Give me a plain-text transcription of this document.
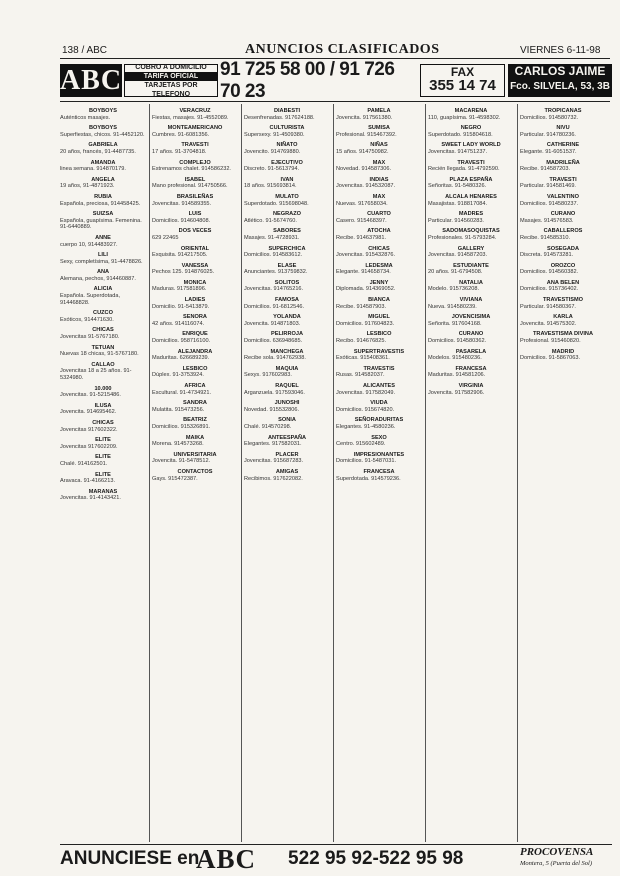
138 / ABC	ANUNCIOS CLASIFICADOS	VIERNES 6-11-98
ABC	COBRO A DOMICILIO
TARIFA OFICIAL
TARJETAS POR TELEFONO
91 725 58 00 / 91 726 70 23
FAX
355 14 74
CARLOS JAIME
Fco. SILVELA, 53, 3B
BOYBOYS
Auténticos masajes.
BOYBOYS
Superfiestas, chicos. 91-4452120.
GABRIELA
20 años, francés, 91-4487735.
AMANDA
linea semana. 914870179.
ANGELA
19 años, 91-4871923.
RUBIA
Española, preciosa, 914458425.
SUIZSA
Española, guapísima. Femenina. 91-6440889.
ANNE
cuerpo 10, 914483927.
LILI
Sexy, completísima, 91-4478826.
ANA
Alemana, pechos, 914460887.
ALICIA
Española. Superdotada, 914468828.
CUZCO
Exóticos, 914471630.
CHICAS
Jovencitas 91-5767180.
TETUAN
Nuevas 18 chicas, 91-5767180.
CALLAO
Jovencitas 18 a 25 años. 91-5324980.
10.000
Jovencitas. 91-5215486.
ILUSA
Jovencita. 914695462.
CHICAS
Jovencitas 917602322.
ELITE
Jovencitas 917602209.
ELITE
Chalé. 914162501.
ELITE
Aravaca. 91-4166213.
MARANAS
Jovencitas. 91-4143421.
VERACRUZ
Fiestas, masajes. 91-4552089.
MONTEAMERICANO
Cumbres. 91-6081356.
TRAVESTI
17 años. 91-3704818.
COMPLEJO
Estrenamos chalet. 914586232.
ISABEL
Mano profesional. 914750566.
BRASILEÑAS
Jovencitas. 914589355.
LUIS
Domicilios. 914604808.
DOS VECES
629 22465
ORIENTAL
Exquisita. 914217505.
VANESSA
Pechos 125. 914876025.
MONICA
Maduras. 917581896.
LADIES
Domicilio. 91-5413879.
SENORA
42 años. 914116074.
ENRIQUE
Domicilios. 958716100.
ALEJANDRA
Maduritas. 626689239.
LESBICO
Dúplex. 91-3753924.
AFRICA
Escultural. 91-4734921.
SANDRA
Mulatita. 915473256.
BEATRIZ
Domicilios. 915326891.
MAIKA
Morena. 914573268.
UNIVERSITARIA
Jovencita. 91-5478512.
CONTACTOS
Gays. 915472387.
DIABESTI
Desenfrenadas. 917624188.
CULTURISTA
Supersexy. 91-4509380.
NIÑATO
Jovencito. 914769880.
EJECUTIVO
Discreto. 91-5613794.
IVAN
18 años. 915693814.
MULATO
Superdotado. 915698048.
NEGRAZO
Atlético. 91-5674760.
SABORES
Masajes. 91-4728931.
SUPERCHICA
Domicilios. 914583612.
ELASE
Anunciantes. 913759832.
SOLITOS
Jovencitas. 914765216.
FAMOSA
Domicilios. 91-6812546.
YOLANDA
Jovencita. 914871803.
PELIRROJA
Domicilios. 636948685.
MANCHEGA
Recibe sola. 914762938.
MAQUIA
Sexys. 917602983.
RAQUEL
Arganzuela. 917593046.
JUNOSHI
Novedad. 915532806.
SONIA
Chalé. 914570298.
ANTEESPAÑA
Elegantes. 917582031.
PLACER
Jovencitas. 915687283.
AMIGAS
Recibimos. 917622082.
PAMELA
Jovencita. 917561380.
SUMISA
Profesional. 915467392.
NIÑAS
15 años. 914750982.
MAX
Novedad. 914587306.
INDIAS
Jovencitas. 914532087.
MAX
Nuevas. 917658034.
CUARTO
Casero. 915468397.
ATOCHA
Recibe. 914637981.
CHICAS
Jovencitas. 915432876.
LEDESMA
Elegante. 914658734.
JENNY
Diplomada. 914369052.
BIANCA
Recibe. 914587903.
MIGUEL
Domicilios. 917604823.
LESBICO
Recibo. 914676825.
SUPERTRAVESTIS
Exóticas. 915408361.
TRAVESTIS
Rusas. 914582037.
ALICANTES
Jovencitas. 917582049.
VIUDA
Domicilios. 915674820.
SEÑORADURITAS
Elegantes. 91-4580236.
SEXO
Centro. 915602489.
IMPRESIONANTES
Domicilios. 91-5487031.
FRANCESA
Superdotada. 914579236.
MACARENA
110, guapísima. 91-4598302.
NEGRO
Superdotado. 915804618.
SWEET LADY WORLD
Jovencitas. 914751237.
TRAVESTI
Recién llegada. 91-4792590.
PLAZA ESPAÑA
Señoritas. 91-5480326.
ALCALA HENARES
Masajistas. 918817084.
MADRES
Particular. 914560283.
SADOMASOQUISTAS
Profesionales. 91-5793284.
GALLERY
Jovencitas. 914587203.
ESTUDIANTE
20 años. 91-6794508.
NATALIA
Modelo. 915736208.
VIVIANA
Nueva. 914580239.
JOVENCISIMA
Señorita. 917604168.
CURANO
Domicilios. 914580362.
PASARELA
Modelos. 915480236.
FRANCESA
Maduritas. 914581206.
VIRGINIA
Jovencita. 917582906.
TROPICANAS
Domicilios. 914580732.
NIVU
Particular. 914780236.
CATHERINE
Elegante. 91-6051537.
MADRILEÑA
Recibe. 914587203.
TRAVESTI
Particular. 914581469.
VALENTINO
Domicilios. 914580237.
CURANO
Masajes. 914576583.
CABALLEROS
Recibe. 914585310.
SOSEGADA
Discreta. 914573281.
OROZCO
Domicilios. 914560382.
ANA BELEN
Domicilios. 915736402.
TRAVESTISMO
Particular. 914580367.
KARLA
Jovencita. 914575302.
TRAVESTISMA DIVINA
Profesional. 915460820.
MADRID
Domicilios. 91-5867063.
ANUNCIESE en
ABC 522 95 92-522 95 98	PROCOVENSA
Montera, 5 (Puerta del Sol)
